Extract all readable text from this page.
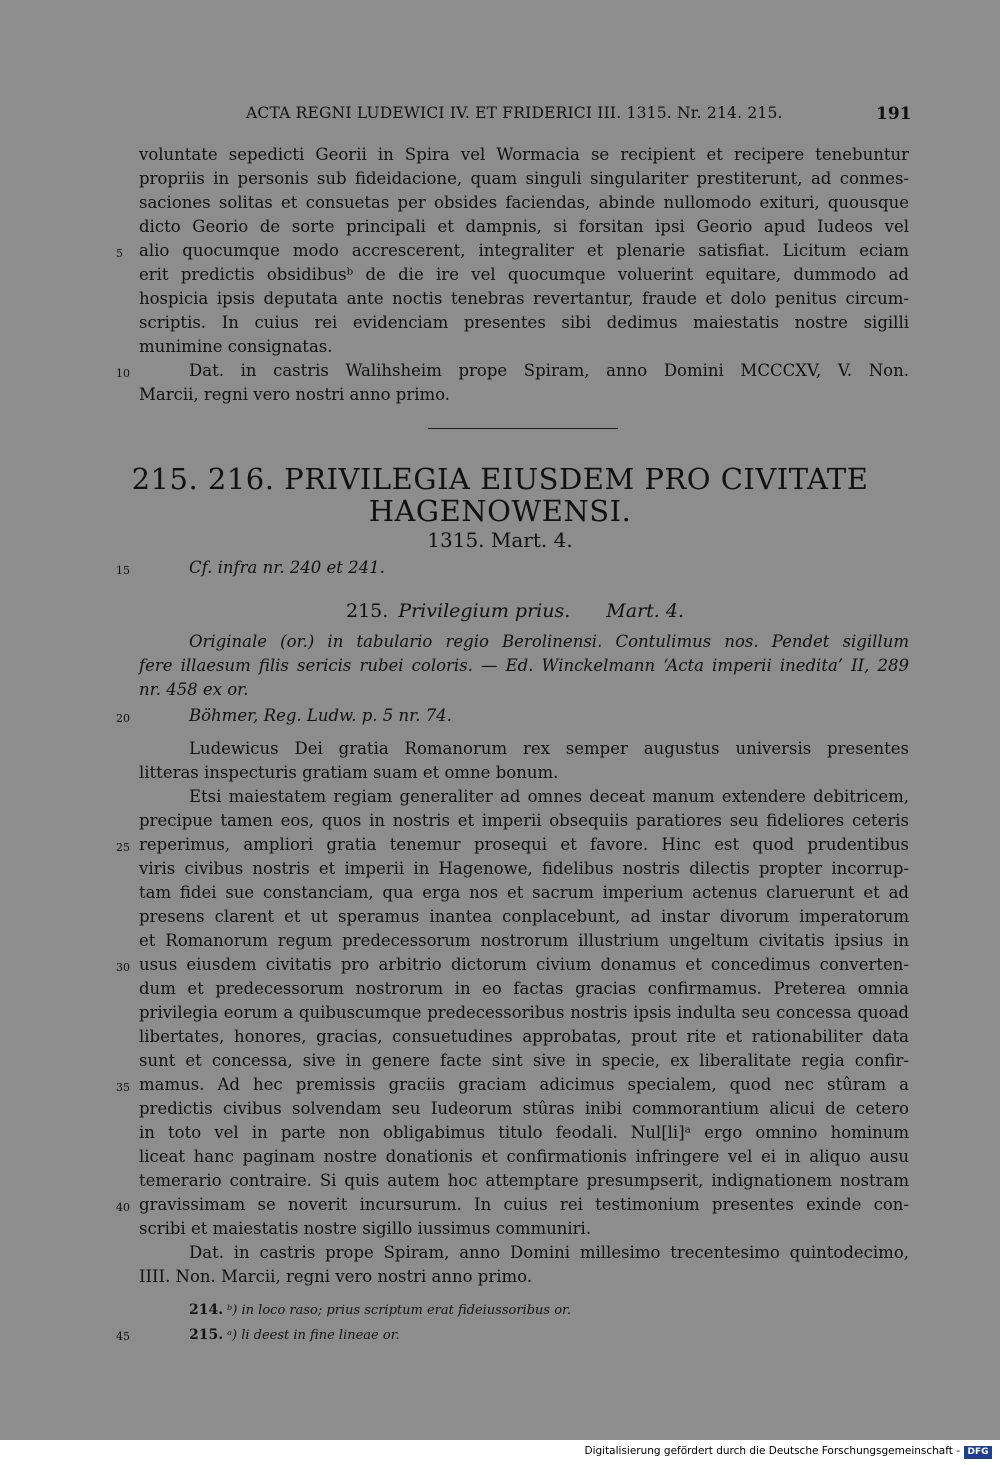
ACTA REGNI LUDEWICI IV. ET FRIDERICI III. 1315. Nr. 214. 215.	191
voluntate sepedicti Georii in Spira vel Wormacia se recipient et recipere tenebuntur
propriis in personis sub fideidacione, quam singuli singulariter prestiterunt, ad conmes-
saciones solitas et consuetas per obsides faciendas, abinde nullomodo exituri, quousque
dicto Georio de sorte principali et dampnis, si forsitan ipsi Georio apud Iudeos vel
5 alio quocumque modo accrescerent, integraliter et plenarie satisfiat. Licitum eciam
erit predictis obsidibusᵇ de die ire vel quocumque voluerint equitare, dummodo ad
hospicia ipsis deputata ante noctis tenebras revertantur, fraude et dolo penitus circum-
scriptis. In cuius rei evidenciam presentes sibi dedimus maiestatis nostre sigilli
munimine consignatas.
10	Dat. in castris Walihsheim prope Spiram, anno Domini MCCCXV, V. Non.
Marcii, regni vero nostri anno primo.
215. 216. PRIVILEGIA EIUSDEM PRO CIVITATE
HAGENOWENSI.
1315. Mart. 4.
15	Cf. infra nr. 240 et 241.
215. Privilegium prius. Mart. 4.
Originale (or.) in tabulario regio Berolinensi. Contulimus nos. Pendet sigillum
fere illaesum filis sericis rubei coloris. — Ed. Winckelmann ‘Acta imperii inedita’ II, 289
nr. 458 ex or.
20	Böhmer, Reg. Ludw. p. 5 nr. 74.
Ludewicus Dei gratia Romanorum rex semper augustus universis presentes
litteras inspecturis gratiam suam et omne bonum.
Etsi maiestatem regiam generaliter ad omnes deceat manum extendere debitricem,
precipue tamen eos, quos in nostris et imperii obsequiis paratiores seu fideliores ceteris
25 reperimus, ampliori gratia tenemur prosequi et favore. Hinc est quod prudentibus
viris civibus nostris et imperii in Hagenowe, fidelibus nostris dilectis propter incorrup-
tam fidei sue constanciam, qua erga nos et sacrum imperium actenus claruerunt et ad
presens clarent et ut speramus inantea conplacebunt, ad instar divorum imperatorum
et Romanorum regum predecessorum nostrorum illustrium ungeltum civitatis ipsius in
30 usus eiusdem civitatis pro arbitrio dictorum civium donamus et concedimus converten-
dum et predecessorum nostrorum in eo factas gracias confirmamus. Preterea omnia
privilegia eorum a quibuscumque predecessoribus nostris ipsis indulta seu concessa quoad
libertates, honores, gracias, consuetudines approbatas, prout rite et rationabiliter data
sunt et concessa, sive in genere facte sint sive in specie, ex liberalitate regia confir-
35 mamus. Ad hec premissis graciis graciam adicimus specialem, quod nec stûram a
predictis civibus solvendam seu Iudeorum stûras inibi commorantium alicui de cetero
in toto vel in parte non obligabimus titulo feodali. Nul[li]ᵃ ergo omnino hominum
liceat hanc paginam nostre donationis et confirmationis infringere vel ei in aliquo ausu
temerario contraire. Si quis autem hoc attemptare presumpserit, indignationem nostram
40 gravissimam se noverit incursurum. In cuius rei testimonium presentes exinde con-
scribi et maiestatis nostre sigillo iussimus communiri.
Dat. in castris prope Spiram, anno Domini millesimo trecentesimo quintodecimo,
IIII. Non. Marcii, regni vero nostri anno primo.
214. ᵇ) in loco raso; prius scriptum erat fideiussoribus or.
45	215. ᵃ) li deest in fine lineae or.
Digitalisierung gefördert durch die Deutsche Forschungsgemeinschaft - DFG
